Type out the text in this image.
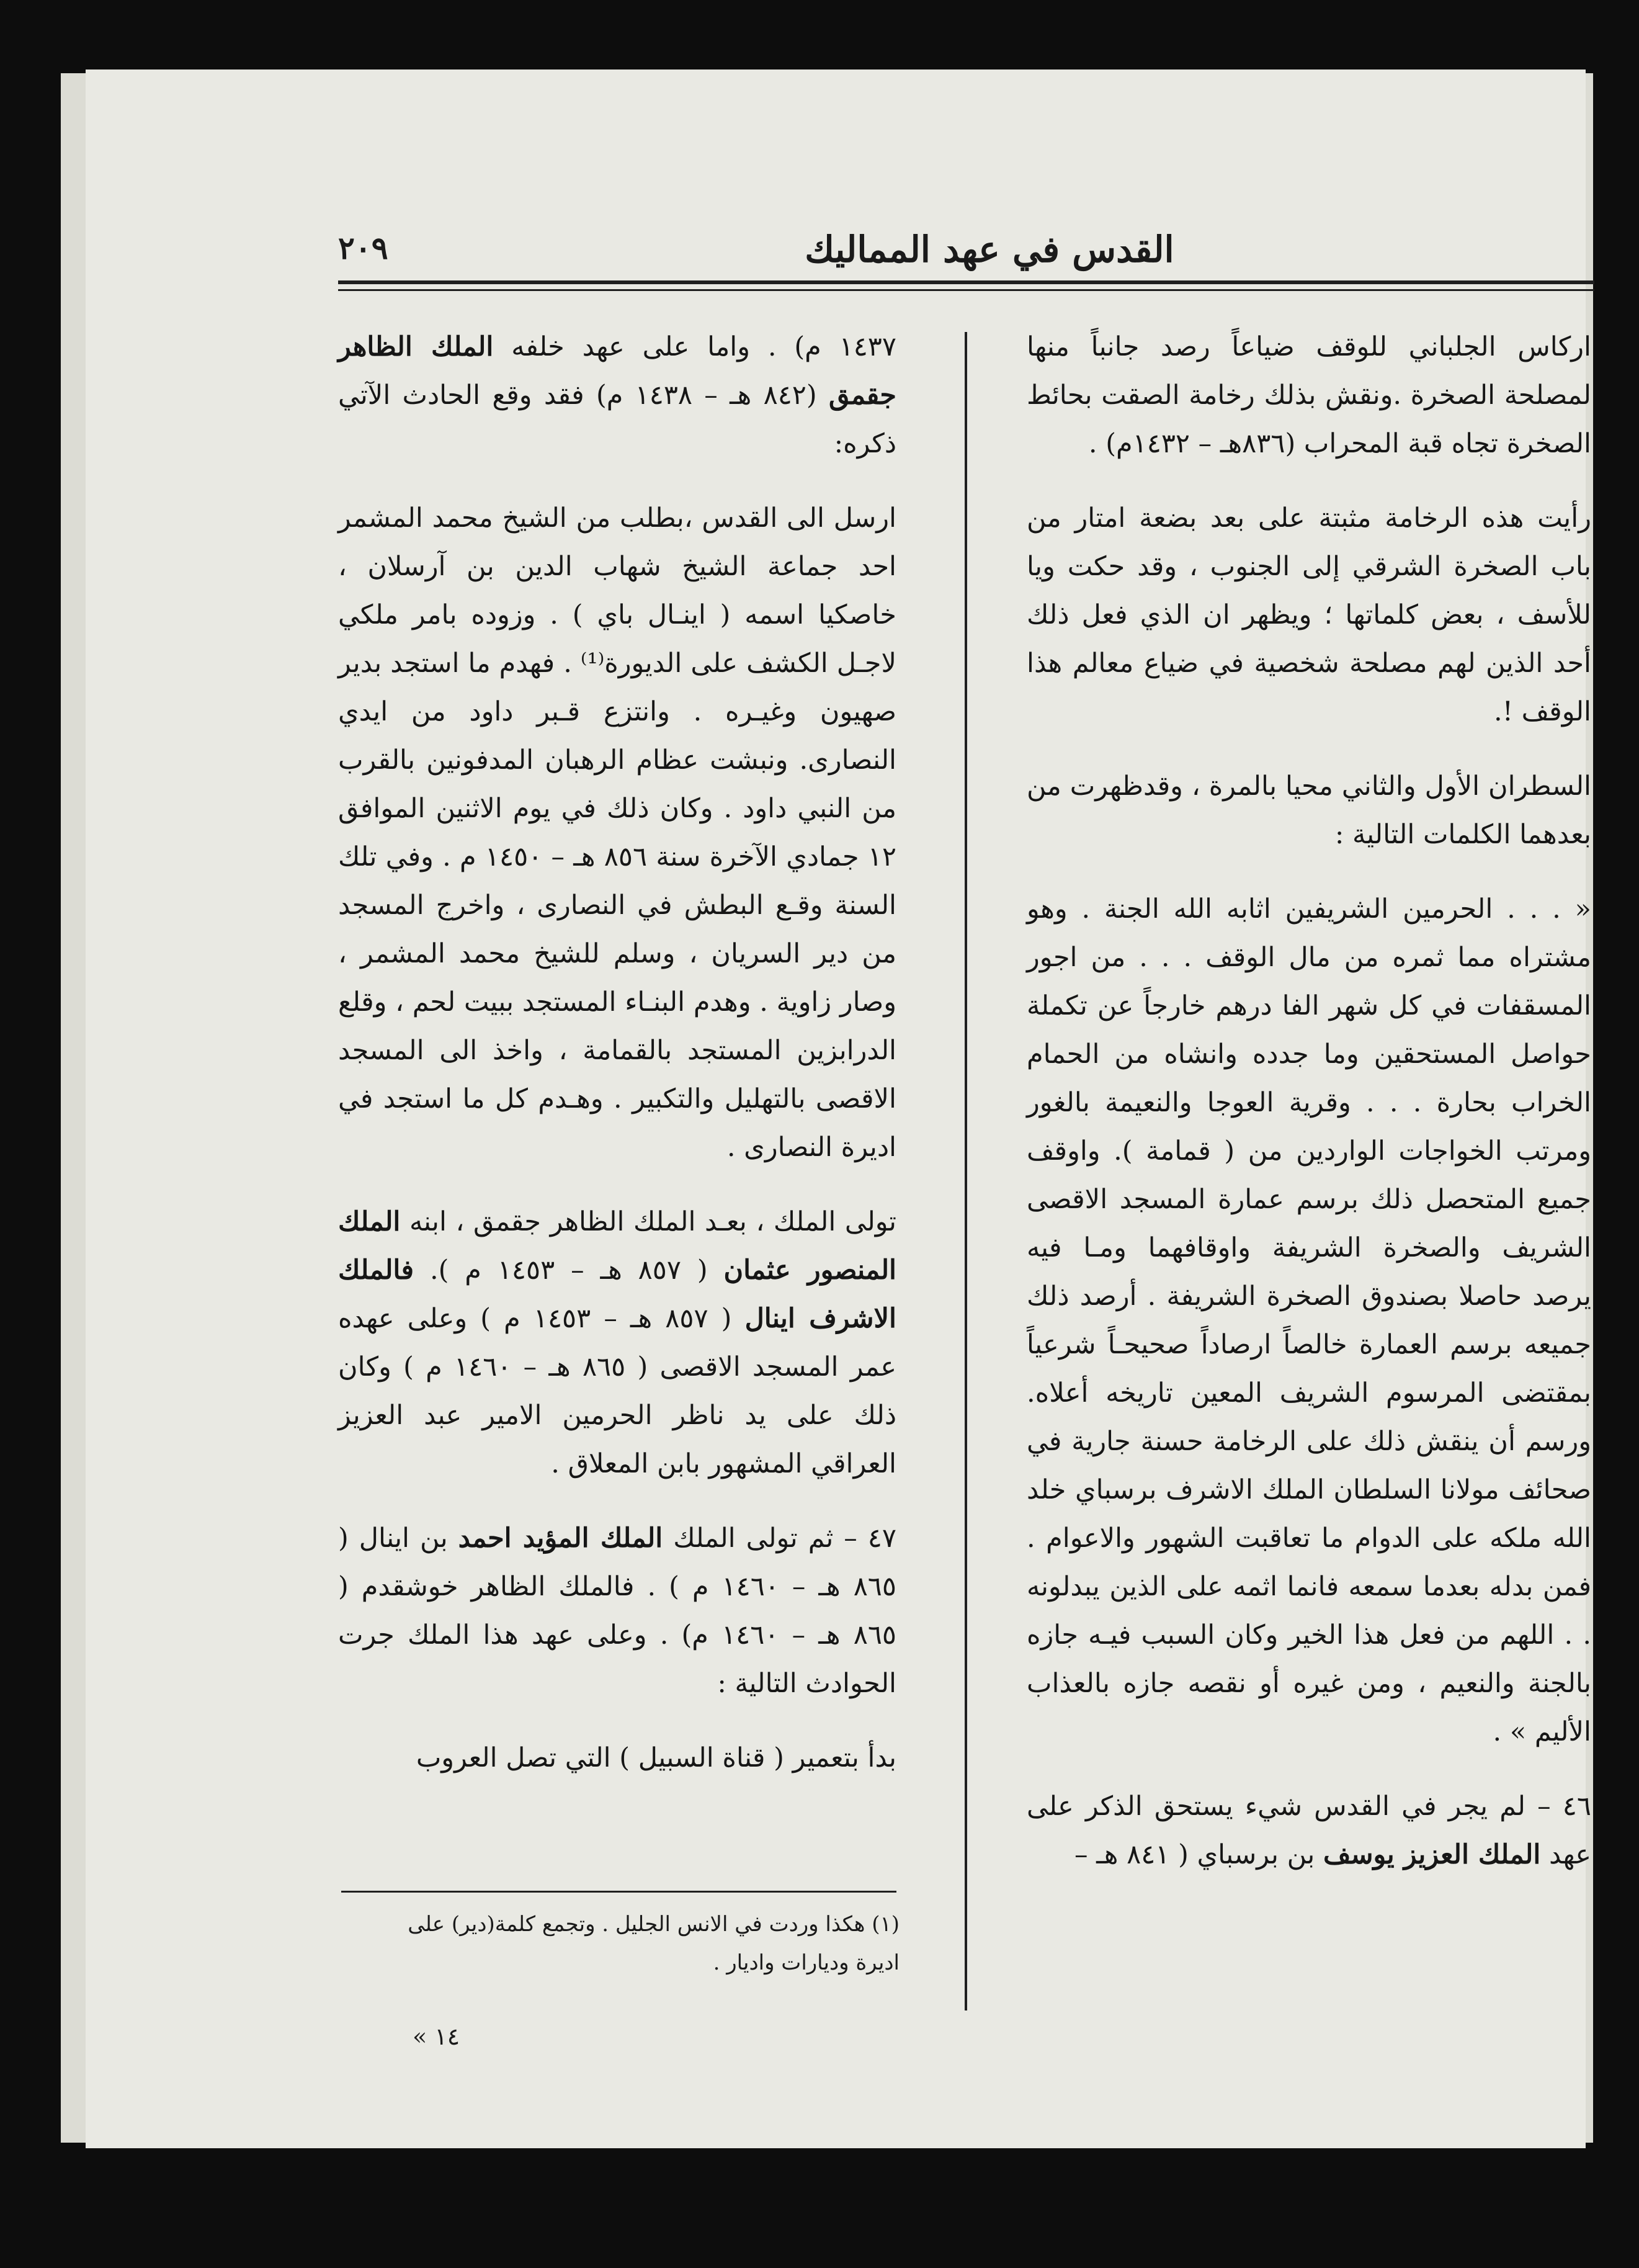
٢٠٩	القدس في عهد المماليك

اركاس الجلباني للوقف ضياعاً رصد جانباً منها لمصلحة الصخرة .ونقش بذلك رخامة الصقت بحائط الصخرة تجاه قبة المحراب (٨٣٦هـ – ١٤٣٢م) .

رأيت هذه الرخامة مثبتة على بعد بضعة امتار من باب الصخرة الشرقي إلى الجنوب ، وقد حكت ويا للأسف ، بعض كلماتها ؛ ويظهر ان الذي فعل ذلك أحد الذين لهم مصلحة شخصية في ضياع معالم هذا الوقف !.

السطران الأول والثاني محيا بالمرة ، وقدظهرت من بعدهما الكلمات التالية :

« . . . الحرمين الشريفين اثابه الله الجنة . وهو مشتراه مما ثمره من مال الوقف . . . من اجور المسقفات في كل شهر الفا درهم خارجاً عن تكملة حواصل المستحقين وما جدده وانشاه من الحمام الخراب بحارة . . . وقرية العوجا والنعيمة بالغور ومرتب الخواجات الواردين من ( قمامة ). واوقف جميع المتحصل ذلك برسم عمارة المسجد الاقصى الشريف والصخرة الشريفة واوقافهما ومـا فيه يرصد حاصلا بصندوق الصخرة الشريفة . أرصد ذلك جميعه برسم العمارة خالصاً ارصاداً صحيحـاً شرعياً بمقتضى المرسوم الشريف المعين تاريخه أعلاه. ورسم أن ينقش ذلك على الرخامة حسنة جارية في صحائف مولانا السلطان الملك الاشرف برسباي خلد الله ملكه على الدوام ما تعاقبت الشهور والاعوام . فمن بدله بعدما سمعه فانما اثمه على الذين يبدلونه . . اللهم من فعل هذا الخير وكان السبب فيـه جازه بالجنة والنعيم ، ومن غيره أو نقصه جازه بالعذاب الأليم » .

٤٦ – لم يجر في القدس شيء يستحق الذكر على عهد الملك العزيز يوسف بن برسباي ( ٨٤١ هـ –

١٤٣٧ م) . واما على عهد خلفه الملك الظاهر جقمق (٨٤٢ هـ – ١٤٣٨ م) فقد وقع الحادث الآتي ذكره:

ارسل الى القدس ،بطلب من الشيخ محمد المشمر احد جماعة الشيخ شهاب الدين بن آرسلان ، خاصكيا اسمه ( اينـال باي ) . وزوده بامر ملكي لاجـل الكشف على الديورة⁽¹⁾ . فهدم ما استجد بدير صهيون وغيـره . وانتزع قـبر داود من ايدي النصارى. ونبشت عظام الرهبان المدفونين بالقرب من النبي داود . وكان ذلك في يوم الاثنين الموافق ١٢ جمادي الآخرة سنة ٨٥٦ هـ – ١٤٥٠ م . وفي تلك السنة وقـع البطش في النصارى ، واخرج المسجد من دير السريان ، وسلم للشيخ محمد المشمر ، وصار زاوية . وهدم البنـاء المستجد ببيت لحم ، وقلع الدرابزين المستجد بالقمامة ، واخذ الى المسجد الاقصى بالتهليل والتكبير . وهـدم كل ما استجد في اديرة النصارى .

تولى الملك ، بعـد الملك الظاهر جقمق ، ابنه الملك المنصور عثمان ( ٨٥٧ هـ – ١٤٥٣ م ). فالملك الاشرف اينال ( ٨٥٧ هـ – ١٤٥٣ م ) وعلى عهده عمر المسجد الاقصى ( ٨٦٥ هـ – ١٤٦٠ م ) وكان ذلك على يد ناظر الحرمين الامير عبد العزيز العراقي المشهور بابن المعلاق .

٤٧ – ثم تولى الملك الملك المؤيد احمد بن اينال ( ٨٦٥ هـ – ١٤٦٠ م ) . فالملك الظاهر خوشقدم ( ٨٦٥ هـ – ١٤٦٠ م) . وعلى عهد هذا الملك جرت الحوادث التالية :

بدأ بتعمير ( قناة السبيل ) التي تصل العروب

(١) هكذا وردت في الانس الجليل . وتجمع كلمة(دير) على
اديرة وديارات واديار .
« ١٤
